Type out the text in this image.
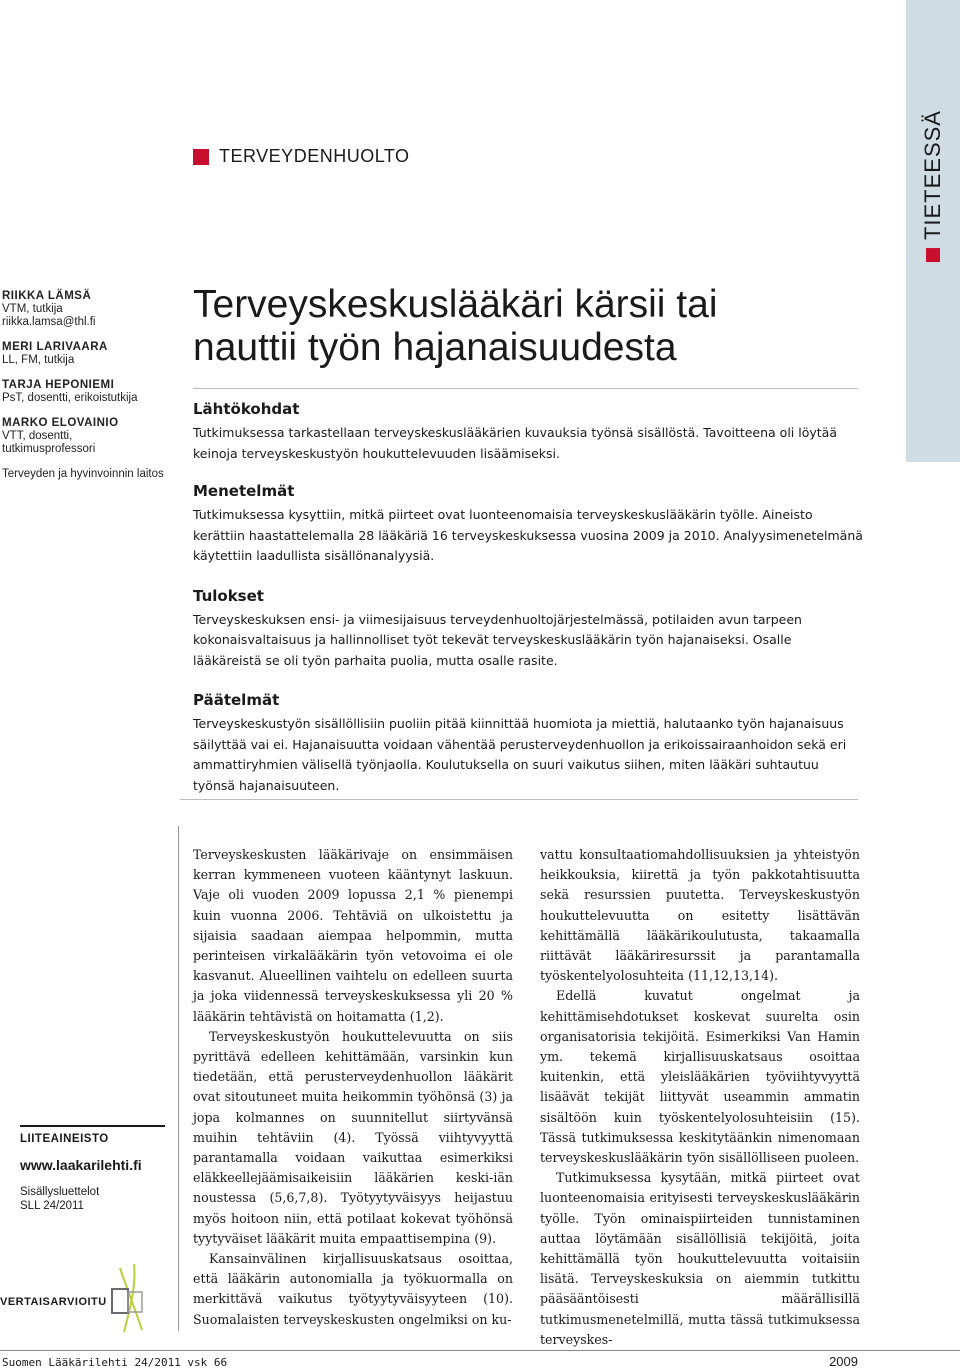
TIETEESSÄ
TERVEYDENHUOLTO
RIIKKA LÄMSÄ
VTM, tutkija
riikka.lamsa@thl.fi
MERI LARIVAARA
LL, FM, tutkija
TARJA HEPONIEMI
PsT, dosentti, erikoistutkija
MARKO ELOVAINIO
VTT, dosentti,
tutkimusprofessori
Terveyden ja hyvinvoinnin laitos
Terveyskeskuslääkäri kärsii tai
nauttii työn hajanaisuudesta
Lähtökohdat

Tutkimuksessa tarkastellaan terveyskeskuslääkärien kuvauksia työnsä sisällöstä. Tavoitteena oli löytää keinoja terveyskeskustyön houkuttelevuuden lisäämiseksi.

Menetelmät

Tutkimuksessa kysyttiin, mitkä piirteet ovat luonteenomaisia terveyskeskuslääkärin työlle. Aineisto kerättiin haastattelemalla 28 lääkäriä 16 terveyskeskuksessa vuosina 2009 ja 2010. Analyysimenetelmänä käytettiin laadullista sisällönanalyysiä.

Tulokset

Terveyskeskuksen ensi- ja viimesijaisuus terveydenhuoltojärjestelmässä, potilaiden avun tarpeen kokonaisvaltaisuus ja hallinnolliset työt tekevät terveyskeskuslääkärin työn hajanaiseksi. Osalle lääkäreistä se oli työn parhaita puolia, mutta osalle rasite.

Päätelmät

Terveyskeskustyön sisällöllisiin puoliin pitää kiinnittää huomiota ja miettiä, halutaanko työn hajanaisuus säilyttää vai ei. Hajanaisuutta voidaan vähentää perusterveydenhuollon ja erikoissairaanhoidon sekä eri ammattiryhmien välisellä työnjaolla. Koulutuksella on suuri vaikutus siihen, miten lääkäri suhtautuu työnsä hajanaisuuteen.

Terveyskeskusten lääkärivaje on ensimmäisen kerran kymmeneen vuoteen kääntynyt laskuun. Vaje oli vuoden 2009 lopussa 2,1 % pienempi kuin vuonna 2006. Tehtäviä on ulkoistettu ja sijaisia saadaan aiempaa helpommin, mutta perinteisen virkalääkärin työn vetovoima ei ole kasvanut. Alueellinen vaihtelu on edelleen suurta ja joka viidennessä terveyskeskuksessa yli 20 % lääkärin tehtävistä on hoitamatta (1,2).

Terveyskeskustyön houkuttelevuutta on siis pyrittävä edelleen kehittämään, varsinkin kun tiedetään, että perusterveydenhuollon lääkärit ovat sitoutuneet muita heikommin työhönsä (3) ja jopa kolmannes on suunnitellut siirtyvänsä muihin tehtäviin (4). Työssä viihtyvyyttä parantamalla voidaan vaikuttaa esimerkiksi eläkkeellejäämisaikeisiin lääkärien keski-iän noustessa (5,6,7,8). Työtyytyväisyys heijastuu myös hoitoon niin, että potilaat kokevat työhönsä tyytyväiset lääkärit muita empaattisempina (9).

Kansainvälinen kirjallisuuskatsaus osoittaa, että lääkärin autonomialla ja työkuormalla on merkittävä vaikutus työtyytyväisyyteen (10). Suomalaisten terveyskeskusten ongelmiksi on ku-

vattu konsultaatiomahdollisuuksien ja yhteistyön heikkouksia, kiirettä ja työn pakkotahtisuutta sekä resurssien puutetta. Terveyskeskustyön houkuttelevuutta on esitetty lisättävän kehittämällä lääkärikoulutusta, takaamalla riittävät lääkäriresurssit ja parantamalla työskentelyolosuhteita (11,12,13,14).

Edellä kuvatut ongelmat ja kehittämisehdotukset koskevat suurelta osin organisatorisia tekijöitä. Esimerkiksi Van Hamin ym. tekemä kirjallisuuskatsaus osoittaa kuitenkin, että yleislääkärien työviihtyvyyttä lisäävät tekijät liittyvät useammin ammatin sisältöön kuin työskentelyolosuhteisiin (15). Tässä tutkimuksessa keskitytäänkin nimenomaan terveyskeskuslääkärin työn sisällölliseen puoleen.

Tutkimuksessa kysytään, mitkä piirteet ovat luonteenomaisia erityisesti terveyskeskuslääkärin työlle. Työn ominaispiirteiden tunnistaminen auttaa löytämään sisällöllisiä tekijöitä, joita kehittämällä työn houkuttelevuutta voitaisiin lisätä. Terveyskeskuksia on aiemmin tutkittu pääsääntöisesti määrällisillä tutkimusmenetelmillä, mutta tässä tutkimuksessa terveyskes-

LIITEAINEISTO
www.laakarilehti.fi
Sisällysluettelot
SLL 24/2011
VERTAISARVIOITU
Suomen Lääkärilehti 24/2011 vsk 66	2009
